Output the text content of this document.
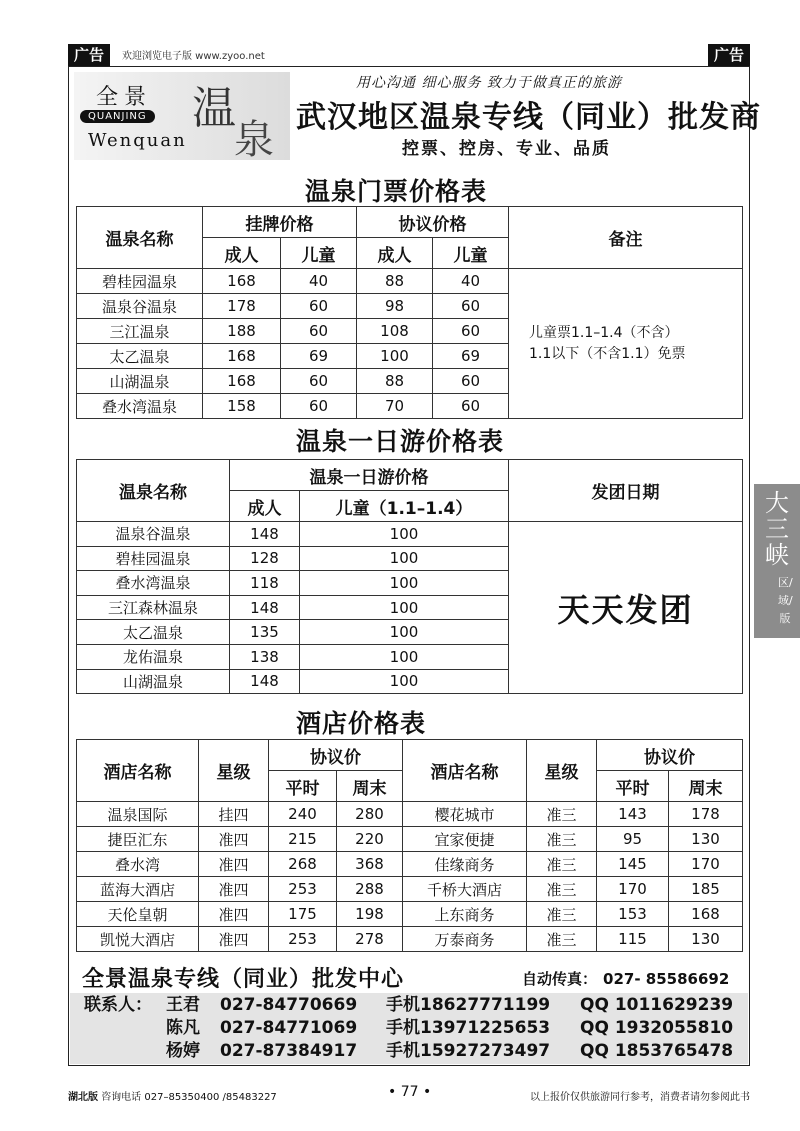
广告	欢迎浏览电子版 www.zyoo.net	广告
全景
QUANJING
Wenquan
温
泉
用心沟通 细心服务 致力于做真正的旅游
武汉地区温泉专线（同业）批发商
控票、控房、专业、品质
温泉门票价格表
温泉名称	挂牌价格		协议价格		备注
	成人	儿童	成人	儿童	
碧桂园温泉	168	40	88	40	儿童票1.1–1.4（不含）
1.1以下（不含1.1）免票

温泉谷温泉	178	60	98	60	
三江温泉	188	60	108	60	
太乙温泉	168	69	100	69	
山湖温泉	168	60	88	60	
叠水湾温泉	158	60	70	60	
温泉一日游价格表
温泉名称	温泉一日游价格		发团日期
	成人	儿童（1.1–1.4）	
温泉谷温泉	148	100	天天发团
碧桂园温泉	128	100	
叠水湾温泉	118	100	
三江森林温泉	148	100	
太乙温泉	135	100	
龙佑温泉	138	100	
山湖温泉	148	100	
酒店价格表
酒店名称	星级	协议价		酒店名称	星级	协议价	
		平时	周末			平时	周末
温泉国际	挂四	240	280	樱花城市	准三	143	178
捷臣汇东	准四	215	220	宜家便捷	准三	95	130
叠水湾	准四	268	368	佳缘商务	准三	145	170
蓝海大酒店	准四	253	288	千桥大酒店	准三	170	185
天伦皇朝	准四	175	198	上东商务	准三	153	168
凯悦大酒店	准四	253	278	万泰商务	准三	115	130
全景温泉专线（同业）批发中心	自动传真： 027- 85586692
联系人： 王君 027-84770669 手机18627771199 QQ 1011629239
陈凡 027-84771069 手机13971225653 QQ 1932055810
杨婷 027-87384917 手机15927273497 QQ 1853765478
大三峡
区/域/版
湖北版 咨询电话 027–85350400 /85483227	• 77 •	以上报价仅供旅游同行参考，消费者请勿参阅此书
